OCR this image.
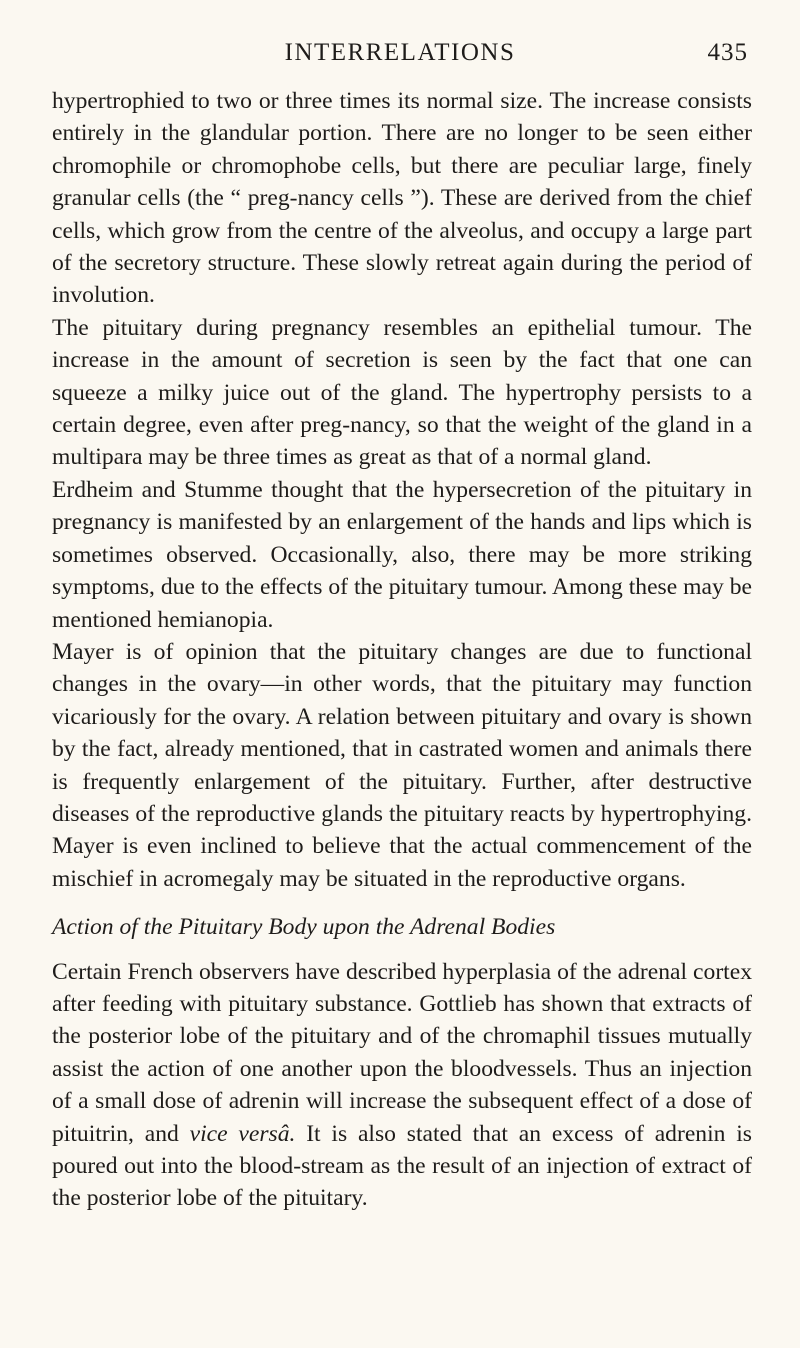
INTERRELATIONS	435

hypertrophied to two or three times its normal size. The increase consists entirely in the glandular portion. There are no longer to be seen either chromophile or chromophobe cells, but there are peculiar large, finely granular cells (the “ preg-nancy cells ”). These are derived from the chief cells, which grow from the centre of the alveolus, and occupy a large part of the secretory structure. These slowly retreat again during the period of involution.

The pituitary during pregnancy resembles an epithelial tumour. The increase in the amount of secretion is seen by the fact that one can squeeze a milky juice out of the gland. The hypertrophy persists to a certain degree, even after preg-nancy, so that the weight of the gland in a multipara may be three times as great as that of a normal gland.

Erdheim and Stumme thought that the hypersecretion of the pituitary in pregnancy is manifested by an enlargement of the hands and lips which is sometimes observed. Occasionally, also, there may be more striking symptoms, due to the effects of the pituitary tumour. Among these may be mentioned hemianopia.

Mayer is of opinion that the pituitary changes are due to functional changes in the ovary—in other words, that the pituitary may function vicariously for the ovary. A relation between pituitary and ovary is shown by the fact, already mentioned, that in castrated women and animals there is frequently enlargement of the pituitary. Further, after destructive diseases of the reproductive glands the pituitary reacts by hypertrophying. Mayer is even inclined to believe that the actual commencement of the mischief in acromegaly may be situated in the reproductive organs.

Action of the Pituitary Body upon the Adrenal Bodies

Certain French observers have described hyperplasia of the adrenal cortex after feeding with pituitary substance. Gottlieb has shown that extracts of the posterior lobe of the pituitary and of the chromaphil tissues mutually assist the action of one another upon the bloodvessels. Thus an injection of a small dose of adrenin will increase the subsequent effect of a dose of pituitrin, and vice versâ. It is also stated that an excess of adrenin is poured out into the blood-stream as the result of an injection of extract of the posterior lobe of the pituitary.
